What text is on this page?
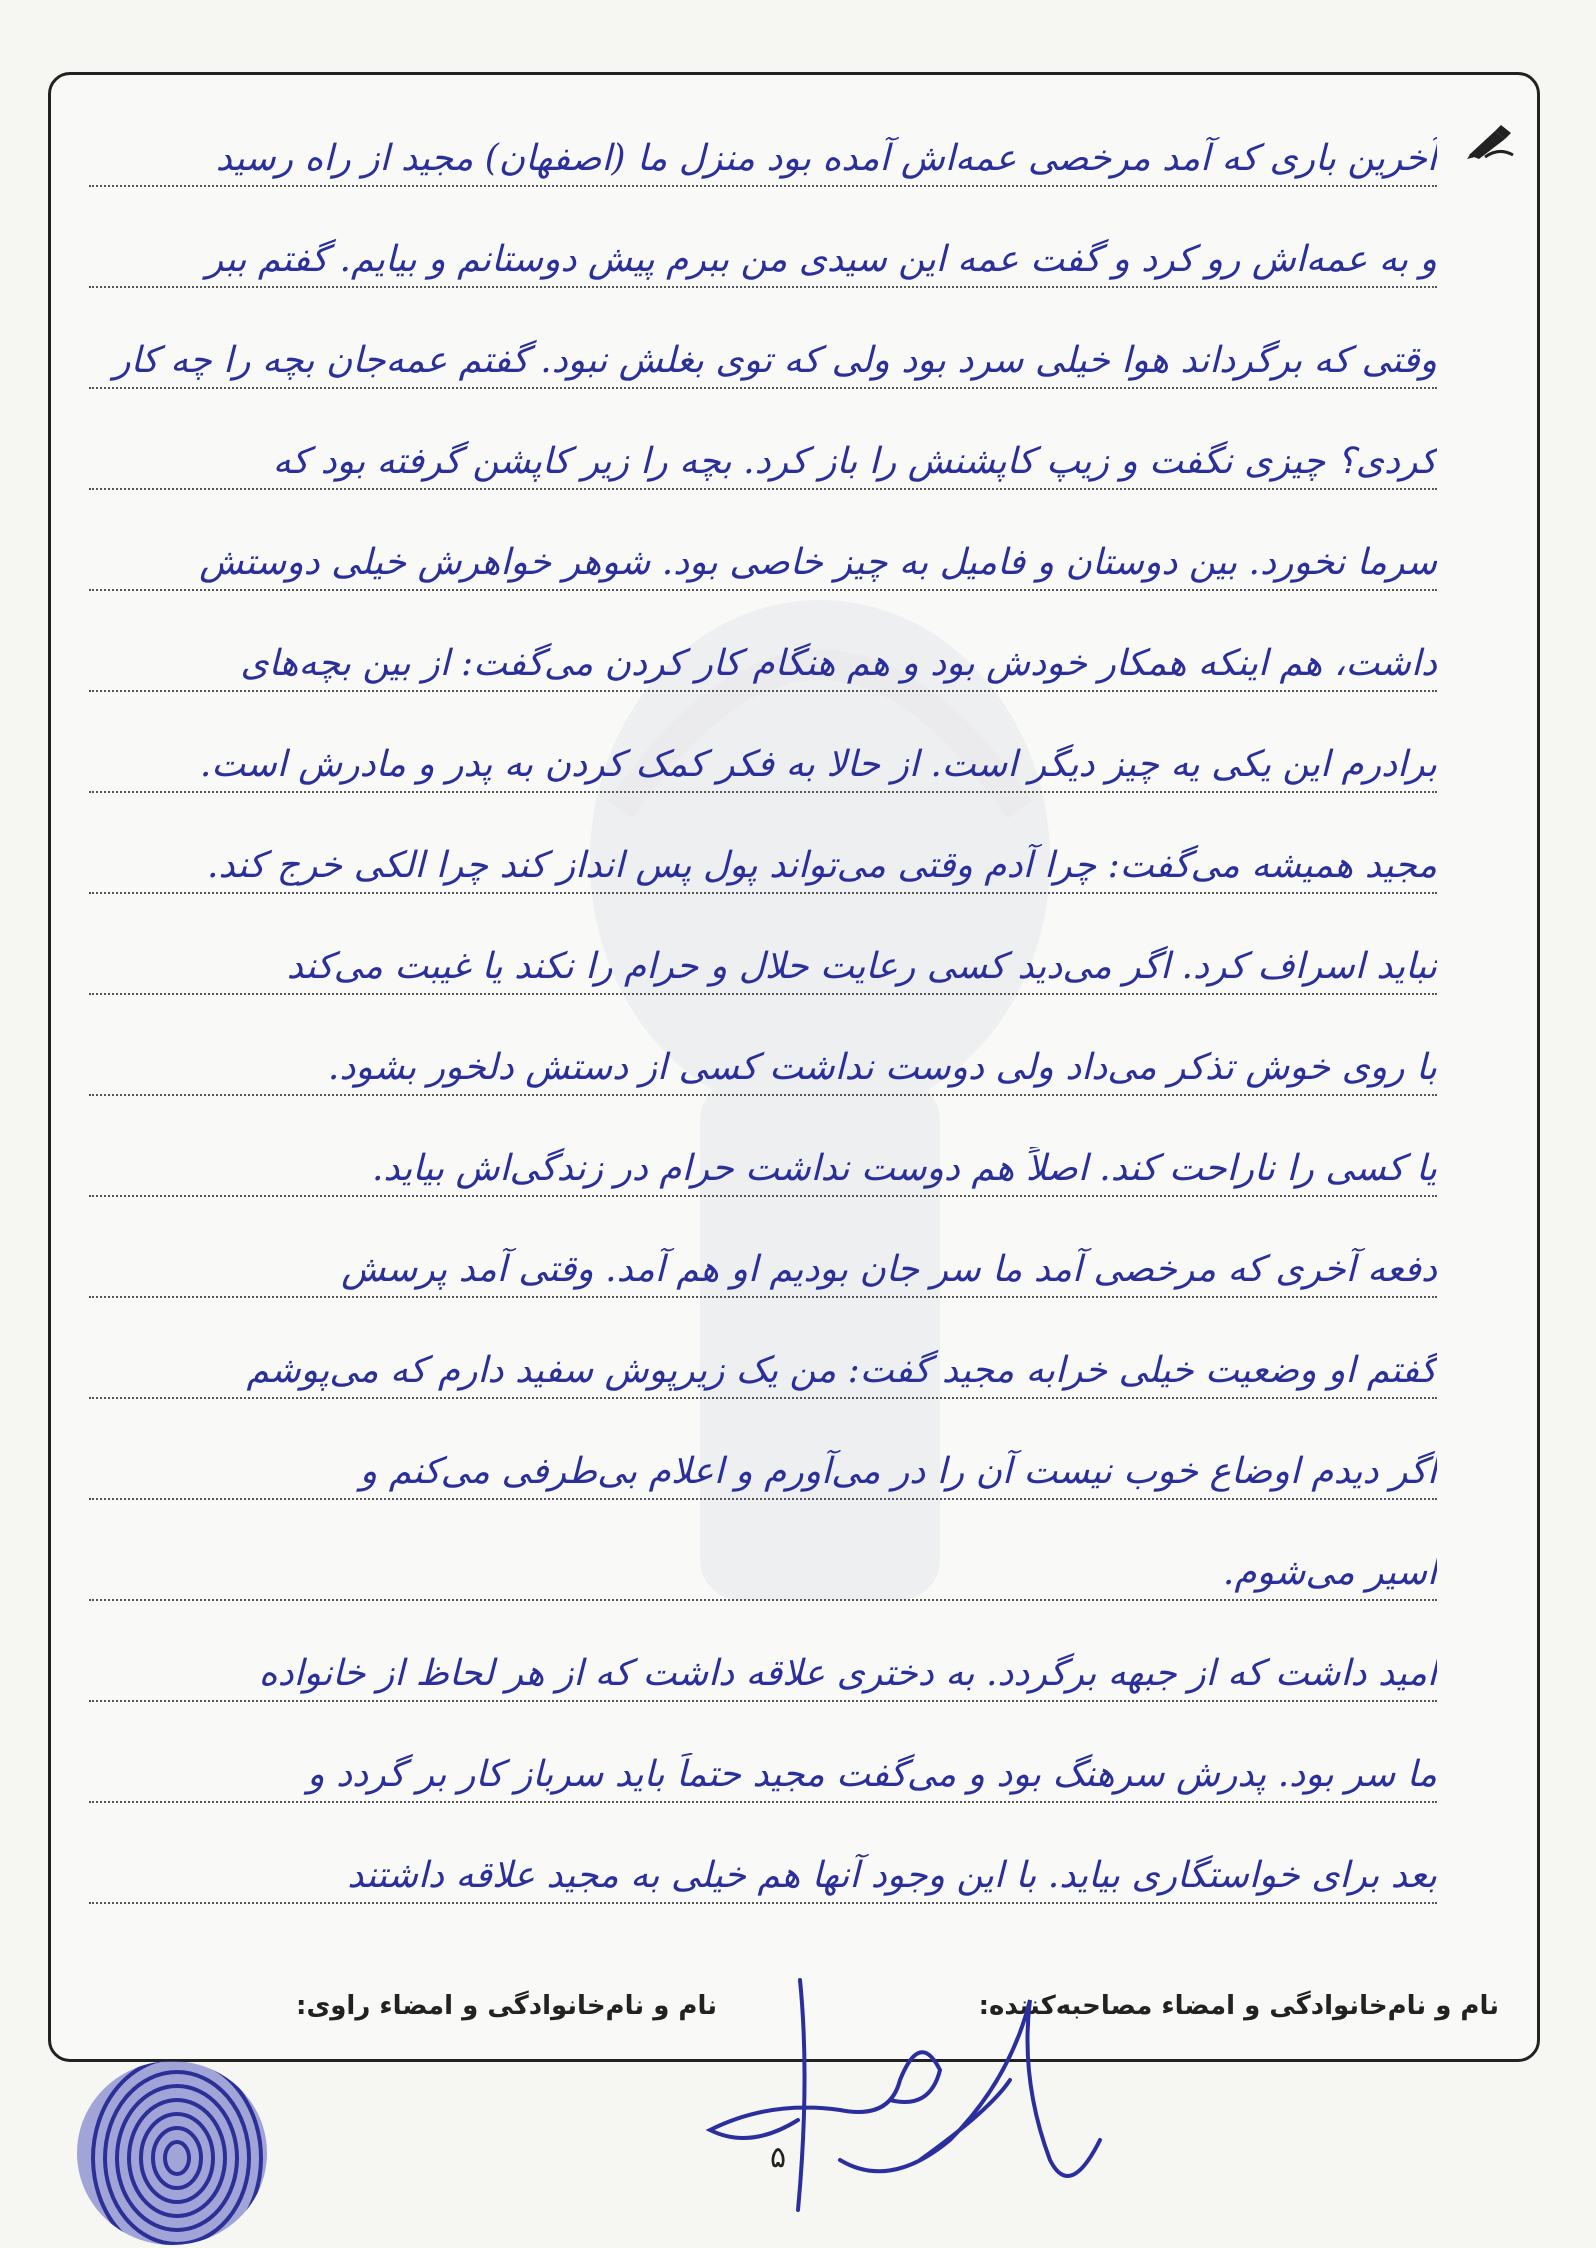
آخرین باری که آمد مرخصی عمه‌اش آمده بود منزل ما (اصفهان) مجید از راه رسید
و به عمه‌اش رو کرد و گفت عمه این سیدی من ببرم پیش دوستانم و بیایم. گفتم ببر
وقتی که برگرداند هوا خیلی سرد بود ولی که توی بغلش نبود. گفتم عمه‌جان بچه را چه کار
کردی؟ چیزی نگفت و زیپ کاپشنش را باز کرد. بچه را زیر کاپشن گرفته بود که
سرما نخورد. بین دوستان و فامیل به چیز خاصی بود. شوهر خواهرش خیلی دوستش
داشت، هم اینکه همکار خودش بود و هم هنگام کار کردن می‌گفت: از بین بچه‌های
برادرم این یکی یه چیز دیگر است. از حالا به فکر کمک کردن به پدر و مادرش است.
مجید همیشه می‌گفت: چرا آدم وقتی می‌تواند پول پس انداز کند چرا الکی خرج کند.
نباید اسراف کرد. اگر می‌دید کسی رعایت حلال و حرام را نکند یا غیبت می‌کند
با روی خوش تذکر می‌داد ولی دوست نداشت کسی از دستش دلخور بشود.
یا کسی را ناراحت کند. اصلاً هم دوست نداشت حرام در زندگی‌اش بیاید.
دفعه آخری که مرخصی آمد ما سر جان بودیم او هم آمد. وقتی آمد پرسش
گفتم او وضعیت خیلی خرابه مجید گفت: من یک زیرپوش سفید دارم که می‌پوشم
اگر دیدم اوضاع خوب نیست آن را در می‌آورم و اعلام بی‌طرفی می‌کنم و
اسیر می‌شوم.
امید داشت که از جبهه برگردد. به دختری علاقه داشت که از هر لحاظ از خانواده
ما سر بود. پدرش سرهنگ بود و می‌گفت مجید حتماً باید سرباز کار بر گردد و
بعد برای خواستگاری بیاید. با این وجود آنها هم خیلی به مجید علاقه داشتند
نام و نام‌خانوادگی و امضاء مصاحبه‌کننده:
نام و نام‌خانوادگی و امضاء راوی:
۵
